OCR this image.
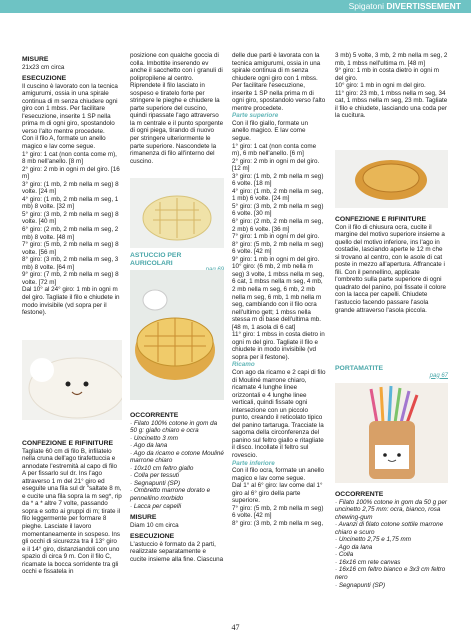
Spigatoni DIVERTISSEMENT

MISURE

21x23 cm circa

ESECUZIONE

Il cuscino è lavorato con la tecnica amigurumi, ossia in una spirale continua di m senza chiudere ogni giro con 1 mbss. Per facilitare l'esecuzione, inserite 1 SP nella prima m di ogni giro, spostandolo verso l'alto mentre procedete.

Con il filo A, formate un anello magico e lav come segue.

1° giro: 1 cat (non conta come m), 8 mb nell'anello. [8 m]

2° giro: 2 mb in ogni m del giro. [16 m]

3° giro: (1 mb, 2 mb nella m seg) 8 volte. [24 m]

4° giro: (1 mb, 2 mb nella m seg, 1 mb) 8 volte. [32 m]

5° giro: (3 mb, 2 mb nella m seg) 8 volte. [40 m]

6° giro: (2 mb, 2 mb nella m seg, 2 mb) 8 volte. [48 m]

7° giro: (5 mb, 2 mb nella m seg) 8 volte. [56 m]

8° giro: (3 mb, 2 mb nella m seg, 3 mb) 8 volte. [64 m]

9° giro: (7 mb, 2 mb nella m seg) 8 volte. [72 m]

Dal 10° al 24° giro: 1 mb in ogni m del giro. Tagliate il filo e chiudete in modo invisibile (vd sopra per il festone).

CONFEZIONE E RIFINITURE

Tagliate 60 cm di filo B, infilatelo nella cruna dell'ago tirafettuccia e annodate l'estremità al capo di filo A per fissarlo sul dr. Ins l'ago attraverso 1 m del 21° giro ed eseguite una fila sul dr "saltate 8 m, e cucite una fila sopra la m seg*, rip da * a * altre 7 volte, passando sopra e sotto ai gruppi di m; tirate il filo leggermente per formare 8 pieghe. Lasciate il lavoro momentaneamente in sospeso. Ins gli occhi di sicurezza tra il 13° giro e il 14° giro, distanziandoli con uno spazio di circa 9 m. Con il filo C, ricamate la bocca sorridente tra gli occhi e fissatela in

posizione con qualche goccia di colla. Imbottite inserendo ev anche il sacchetto con i granuli di polipropilene al centro. Riprendete il filo lasciato in sospeso e tiratelo forte per stringere le pieghe e chiudere la parte superiore del cuscino, quindi ripassate l'ago attraverso la m centrale e il punto sporgente di ogni piega, tirando di nuovo per stringere ulteriormente le parte superiore. Nascondete la rimanenza di filo all'interno del cuscino.

ASTUCCIO PER AURICOLARI

OCCORRENTE

· Filato 100% cotone in gom da 50 g: giallo chiaro e ocra

· Uncinetto 3 mm

· Ago da lana

· Ago da ricamo e cotone Mouliné marrone chiaro

· 10x10 cm feltro giallo

· Colla per tessuti

· Segnapunti (SP)

· Ombretto marrone dorato e pennellino morbido

· Lacca per capelli

MISURE

Diam 10 cm circa

ESECUZIONE

L'astuccio è formato da 2 parti, realizzate separatamente e cucite insieme alla fine. Ciascuna

delle due parti è lavorata con la tecnica amigurumi, ossia in una spirale continua di m senza chiudere ogni giro con 1 mbss. Per facilitare l'esecuzione, inserite 1 SP nella prima m di ogni giro, spostandolo verso l'alto mentre procedete.

Parte superiore

Con il filo giallo, formate un anello magico. E lav come segue.

1° giro: 1 cat (non conta come m), 6 mb nell'anello. [6 m]

2° giro: 2 mb in ogni m del giro. [12 m]

3° giro: (1 mb, 2 mb nella m seg) 6 volte. [18 m]

4° giro: (1 mb, 2 mb nella m seg, 1 mb) 6 volte. [24 m]

5° giro: (3 mb, 2 mb nella m seg) 6 volte. [30 m]

6° giro: (2 mb, 2 mb nella m seg, 2 mb) 6 volte. [36 m]

7° giro: 1 mb in ogni m del giro.

8° giro: (5 mb, 2 mb nella m seg) 6 volte. [42 m]

9° giro: 1 mb in ogni m del giro.

10° giro: (6 mb, 2 mb nella m seg) 3 volte, 1 mbss nella m seg, 6 cat, 1 mbss nella m seg, 4 mb, 2 mb nella m seg, 6 mb, 2 mb nella m seg, 6 mb, 1 mb nella m seg, cambiando con il filo ocra nell'ultimo gett; 1 mbss nella stessa m di base dell'ultima mb. [48 m, 1 asola di 6 cat]

11° giro: 1 mbss in costa dietro in ogni m del giro. Tagliate il filo e chiudete in modo invisibile (vd sopra per il festone).

Ricamo

Con ago da ricamo e 2 capi di filo di Mouliné marrone chiaro, ricamate 4 lunghe linee orizzontali e 4 lunghe linee verticali, quindi fissate ogni intersezione con un piccolo punto, creando il reticolato tipico del panino tartaruga. Tracciate la sagoma della circonferenza del panino sul feltro giallo e ritagliate il disco. Incollate il feltro sul rovescio.

Parte inferiore

Con il filo ocra, formate un anello magico e lav come segue.

Dal 1° al 6° giro: lav come dal 1° giro al 6° giro della parte superiore.

7° giro: (5 mb, 2 mb nella m seg) 6 volte. [42 m]

8° giro: (3 mb, 2 mb nella m seg,

3 mb) 5 volte, 3 mb, 2 mb nella m seg, 2 mb, 1 mbss nell'ultima m. [48 m]

9° giro: 1 mb in costa dietro in ogni m del giro.

10° giro: 1 mb in ogni m del giro.

11° giro: 23 mb, 1 mbss nella m seg, 34 cat, 1 mbss nella m seg, 23 mb. Tagliate il filo e chiudete, lasciando una coda per la cucitura.

CONFEZIONE E RIFINITURE

Con il filo di chiusura ocra, cucite il margine del motivo superiore insieme a quello del motivo inferiore, ins l'ago in costadie, lasciando aperte le 12 m che si trovano al centro, con le asole di cat poste in mezzo all'apertura. Affrancate i fili. Con il pennellino, applicate l'ombretto sulla parte superiore di ogni quadrato del panino, poi fissate il colore con la lacca per capelli. Chiudete l'astuccio facendo passare l'asola grande attraverso l'asola piccola.

PORTAMATITE

pag 67

OCCORRENTE

· Filato 100% cotone in gom da 50 g per uncinetto 2,75 mm: ocra, bianco, rosa chewing-gum

· Avanzi di filato cotone sottile marrone chiaro e scuro

· Uncinetto 2,75 e 1,75 mm

· Ago da lana

· Colla

· 16x16 cm rete canvas

· 16x16 cm feltro bianco e 3x3 cm feltro nero

· Segnapunti (SP)

47
